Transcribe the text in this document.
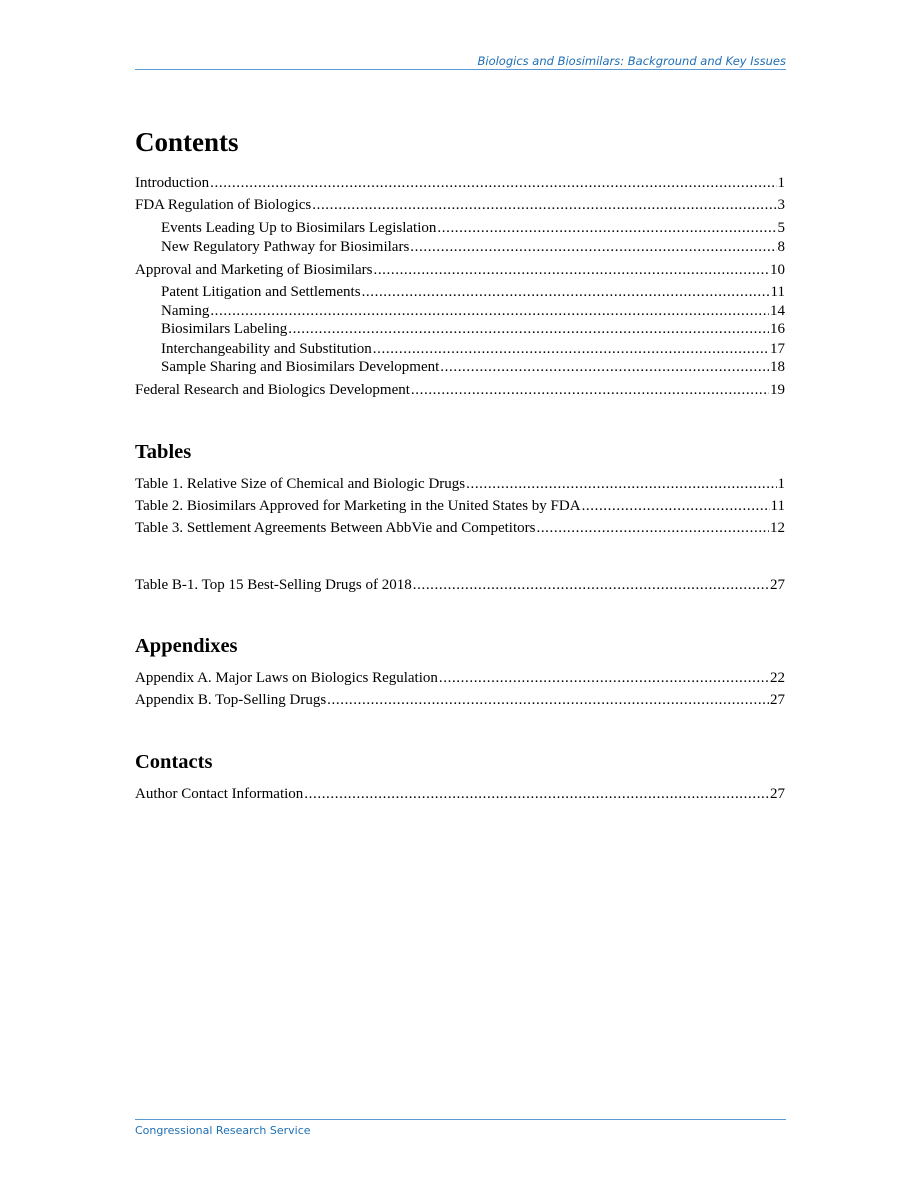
Biologics and Biosimilars: Background and Key Issues
Contents
Introduction .....	1
FDA Regulation of Biologics .....	3
Events Leading Up to Biosimilars Legislation .....	5
New Regulatory Pathway for Biosimilars .....	8
Approval and Marketing of Biosimilars .....	10
Patent Litigation and Settlements .....	11
Naming .....	14
Biosimilars Labeling .....	16
Interchangeability and Substitution .....	17
Sample Sharing and Biosimilars Development .....	18
Federal Research and Biologics Development .....	19
Tables
Table 1. Relative Size of Chemical and Biologic Drugs .....	1
Table 2. Biosimilars Approved for Marketing in the United States by FDA .....	11
Table 3. Settlement Agreements Between AbbVie and Competitors .....	12
Table B-1. Top 15 Best-Selling Drugs of 2018 .....	27
Appendixes
Appendix A. Major Laws on Biologics Regulation .....	22
Appendix B. Top-Selling Drugs .....	27
Contacts
Author Contact Information .....	27
Congressional Research Service
